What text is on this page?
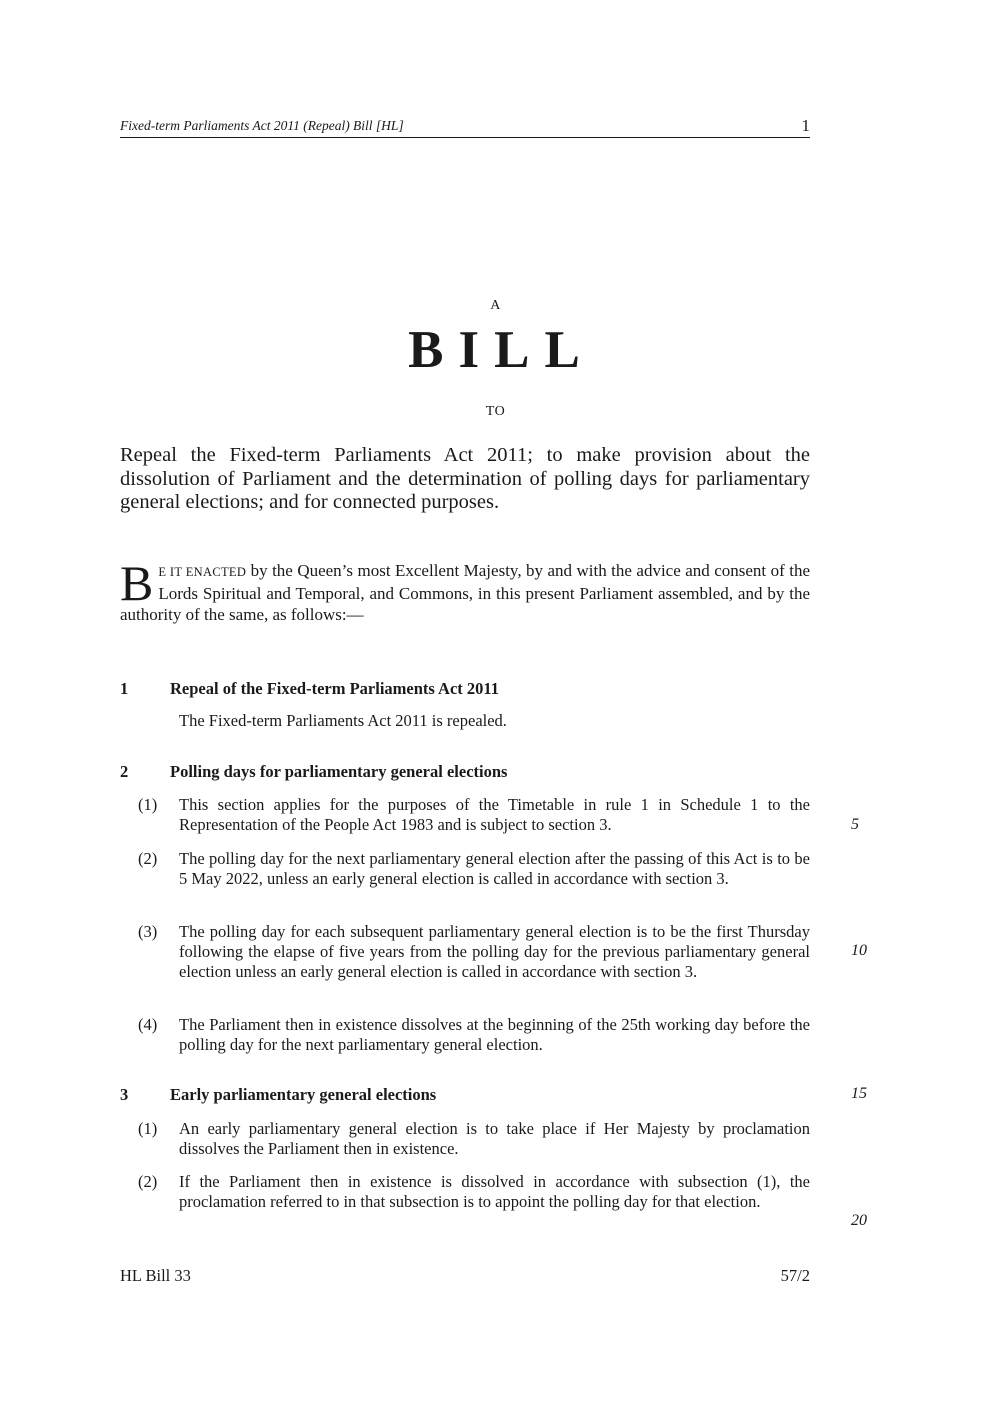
Fixed-term Parliaments Act 2011 (Repeal) Bill [HL]	1
A
BILL
TO

Repeal the Fixed-term Parliaments Act 2011; to make provision about the dissolution of Parliament and the determination of polling days for parliamentary general elections; and for connected purposes.

B E IT ENACTED by the Queen’s most Excellent Majesty, by and with the advice and consent of the Lords Spiritual and Temporal, and Commons, in this present Parliament assembled, and by the authority of the same, as follows:—

1	Repeal of the Fixed-term Parliaments Act 2011

The Fixed-term Parliaments Act 2011 is repealed.

2	Polling days for parliamentary general elections
(1) This section applies for the purposes of the Timetable in rule 1 in Schedule 1 to the Representation of the People Act 1983 and is subject to section 3.

(2) The polling day for the next parliamentary general election after the passing of this Act is to be 5 May 2022, unless an early general election is called in accordance with section 3.

(3) The polling day for each subsequent parliamentary general election is to be the first Thursday following the elapse of five years from the polling day for the previous parliamentary general election unless an early general election is called in accordance with section 3.

(4) The Parliament then in existence dissolves at the beginning of the 25th working day before the polling day for the next parliamentary general election.

3	Early parliamentary general elections
(1) An early parliamentary general election is to take place if Her Majesty by proclamation dissolves the Parliament then in existence.

(2) If the Parliament then in existence is dissolved in accordance with subsection (1), the proclamation referred to in that subsection is to appoint the polling day for that election.

5
10
15
20
HL Bill 33	57/2
